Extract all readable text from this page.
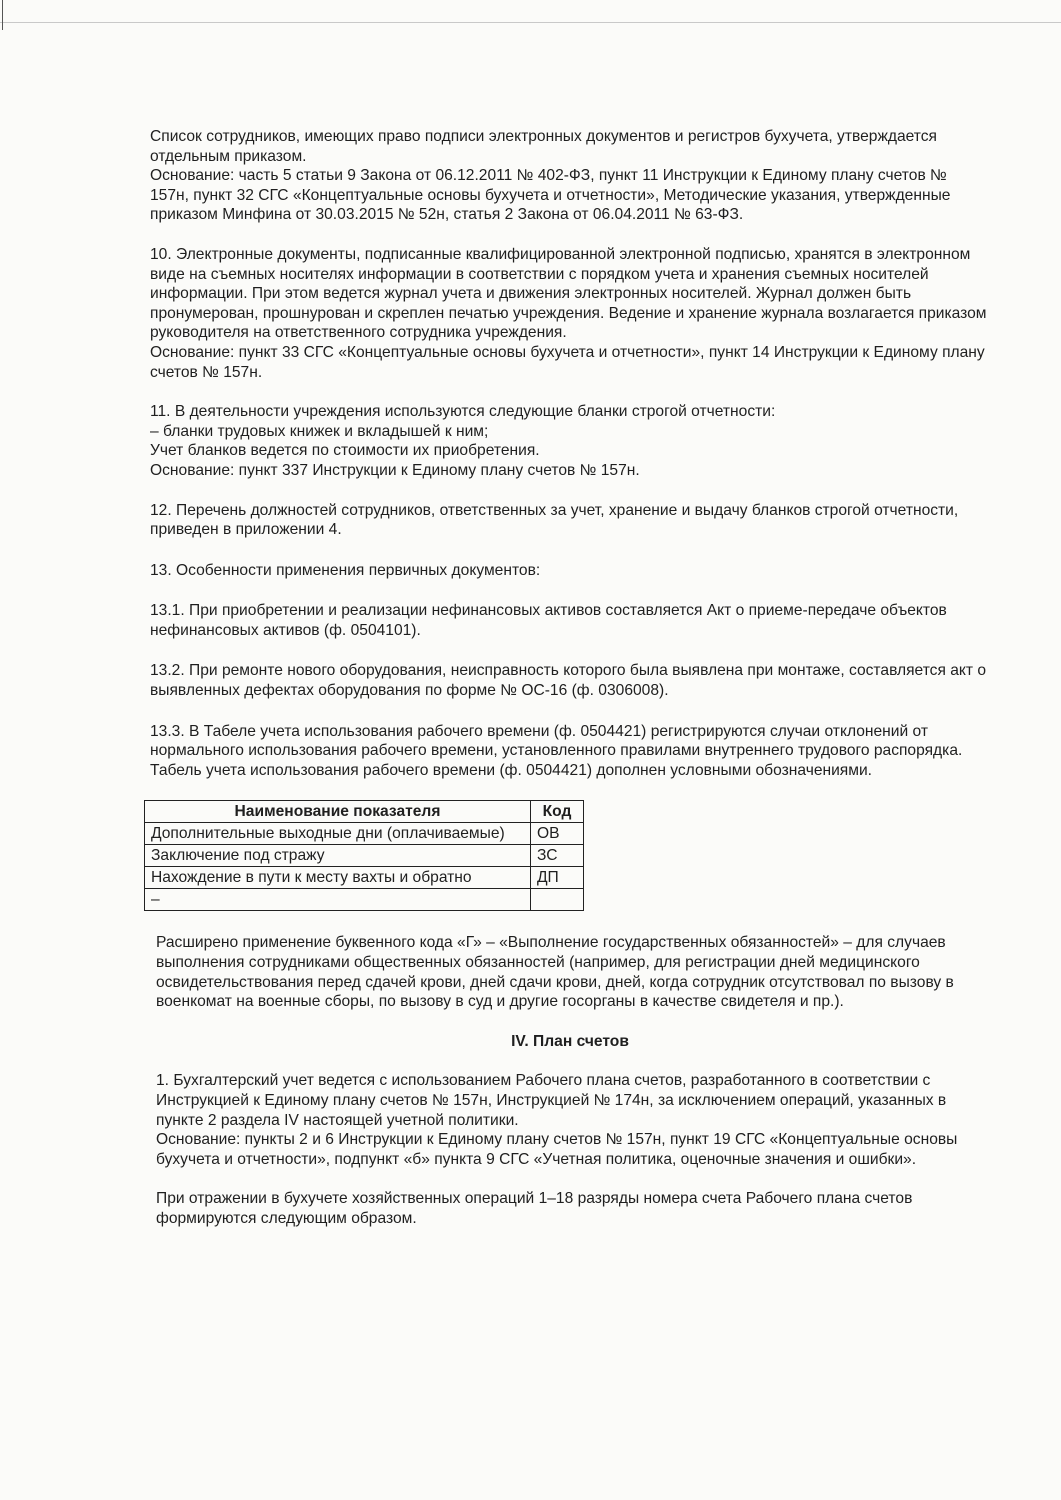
Список сотрудников, имеющих право подписи электронных документов и регистров бухучета, утверждается отдельным приказом.

Основание: часть 5 статьи 9 Закона от 06.12.2011 № 402-ФЗ, пункт 11 Инструкции к Единому плану счетов № 157н, пункт 32 СГС «Концептуальные основы бухучета и отчетности», Методические указания, утвержденные приказом Минфина от 30.03.2015 № 52н, статья 2 Закона от 06.04.2011 № 63-ФЗ.

10. Электронные документы, подписанные квалифицированной электронной подписью, хранятся в электронном виде на съемных носителях информации в соответствии с порядком учета и хранения съемных носителей информации. При этом ведется журнал учета и движения электронных носителей. Журнал должен быть пронумерован, прошнурован и скреплен печатью учреждения. Ведение и хранение журнала возлагается приказом руководителя на ответственного сотрудника учреждения.

Основание: пункт 33 СГС «Концептуальные основы бухучета и отчетности», пункт 14 Инструкции к Единому плану счетов № 157н.

11. В деятельности учреждения используются следующие бланки строгой отчетности:

– бланки трудовых книжек и вкладышей к ним;

Учет бланков ведется по стоимости их приобретения.

Основание: пункт 337 Инструкции к Единому плану счетов № 157н.

12. Перечень должностей сотрудников, ответственных за учет, хранение и выдачу бланков строгой отчетности, приведен в приложении 4.

13. Особенности применения первичных документов:

13.1. При приобретении и реализации нефинансовых активов составляется Акт о приеме-передаче объектов нефинансовых активов (ф. 0504101).

13.2. При ремонте нового оборудования, неисправность которого была выявлена при монтаже, составляется акт о выявленных дефектах оборудования по форме № ОС-16 (ф. 0306008).

13.3. В Табеле учета использования рабочего времени (ф. 0504421) регистрируются случаи отклонений от нормального использования рабочего времени, установленного правилами внутреннего трудового распорядка.

Табель учета использования рабочего времени (ф. 0504421) дополнен условными обозначениями.

Наименование показателя	Код
Дополнительные выходные дни (оплачиваемые)	ОВ
Заключение под стражу	ЗС
Нахождение в пути к месту вахты и обратно	ДП
–	

Расширено применение буквенного кода «Г» – «Выполнение государственных обязанностей» – для случаев выполнения сотрудниками общественных обязанностей (например, для регистрации дней медицинского освидетельствования перед сдачей крови, дней сдачи крови, дней, когда сотрудник отсутствовал по вызову в военкомат на военные сборы, по вызову в суд и другие госорганы в качестве свидетеля и пр.).

IV. План счетов

1. Бухгалтерский учет ведется с использованием Рабочего плана счетов, разработанного в соответствии с Инструкцией к Единому плану счетов № 157н, Инструкцией № 174н, за исключением операций, указанных в пункте 2 раздела IV настоящей учетной политики.

Основание: пункты 2 и 6 Инструкции к Единому плану счетов № 157н, пункт 19 СГС «Концептуальные основы бухучета и отчетности», подпункт «б» пункта 9 СГС «Учетная политика, оценочные значения и ошибки».

При отражении в бухучете хозяйственных операций 1–18 разряды номера счета Рабочего плана счетов формируются следующим образом.
